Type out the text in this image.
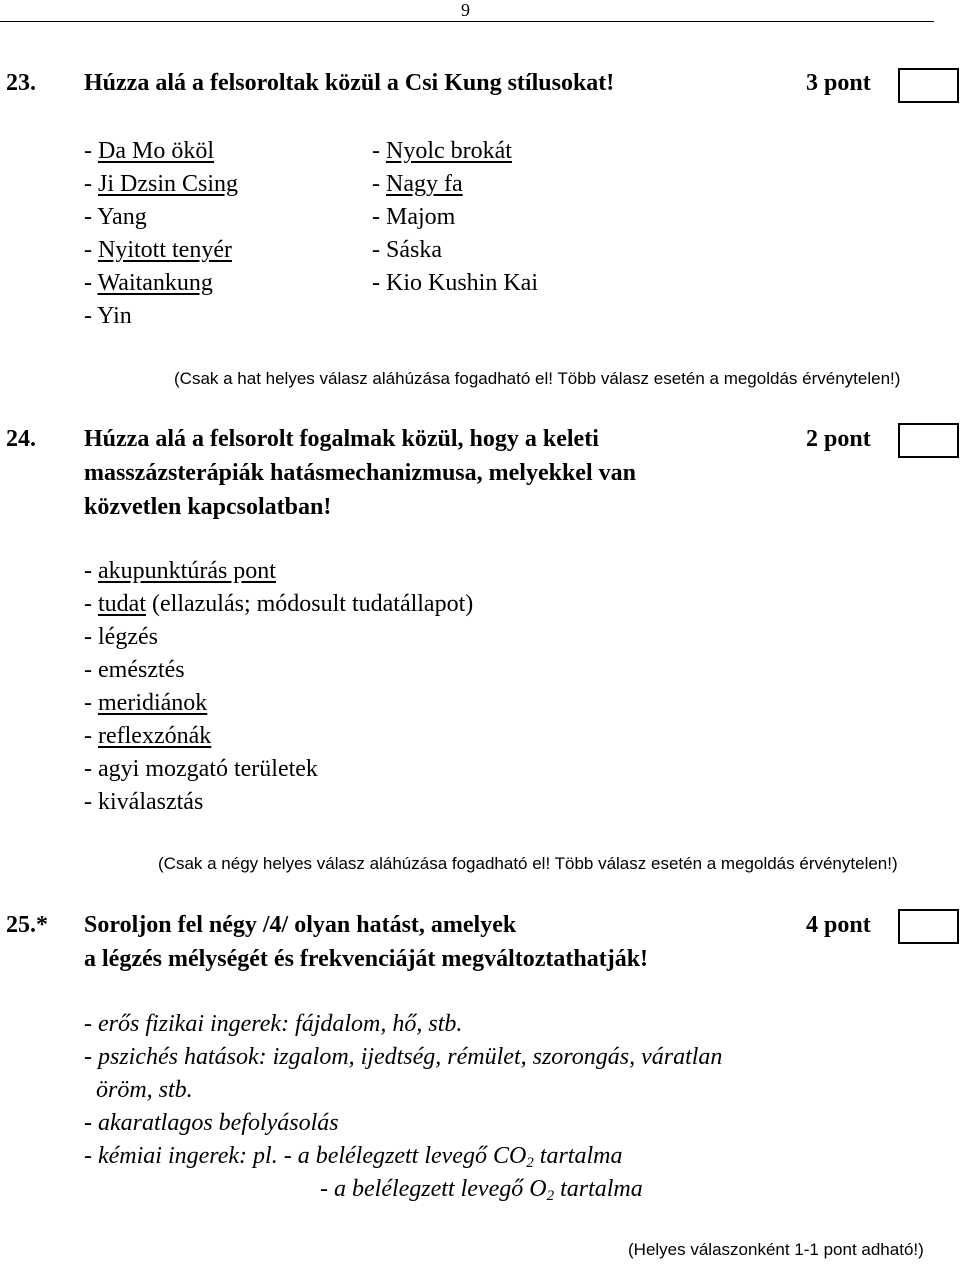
9
23. Húzza alá a felsoroltak közül a Csi Kung stílusokat!	3 pont
- Da Mo ököl
- Ji Dzsin Csing
- Yang
- Nyitott tenyér
- Waitankung
- Yin
- Nyolc brokát
- Nagy fa
- Majom
- Sáska
- Kio Kushin Kai
(Csak a hat helyes válasz aláhúzása fogadható el! Több válasz esetén a megoldás érvénytelen!)
24. Húzza alá a felsorolt fogalmak közül, hogy a keleti
masszázsterápiák hatásmechanizmusa, melyekkel van
közvetlen kapcsolatban!
2 pont
- akupunktúrás pont
- tudat (ellazulás; módosult tudatállapot)
- légzés
- emésztés
- meridiánok
- reflexzónák
- agyi mozgató területek
- kiválasztás
(Csak a négy helyes válasz aláhúzása fogadható el! Több válasz esetén a megoldás érvénytelen!)
25.* Soroljon fel négy /4/ olyan hatást, amelyek
a légzés mélységét és frekvenciáját megváltoztathatják!
4 pont
- erős fizikai ingerek: fájdalom, hő, stb.
- pszichés hatások: izgalom, ijedtség, rémület, szorongás, váratlan
öröm, stb.
- akaratlagos befolyásolás
- kémiai ingerek: pl. - a belélegzett levegő $CO_2$ tartalma
- a belélegzett levegő $O_2$ tartalma
(Helyes válaszonként 1-1 pont adható!)
